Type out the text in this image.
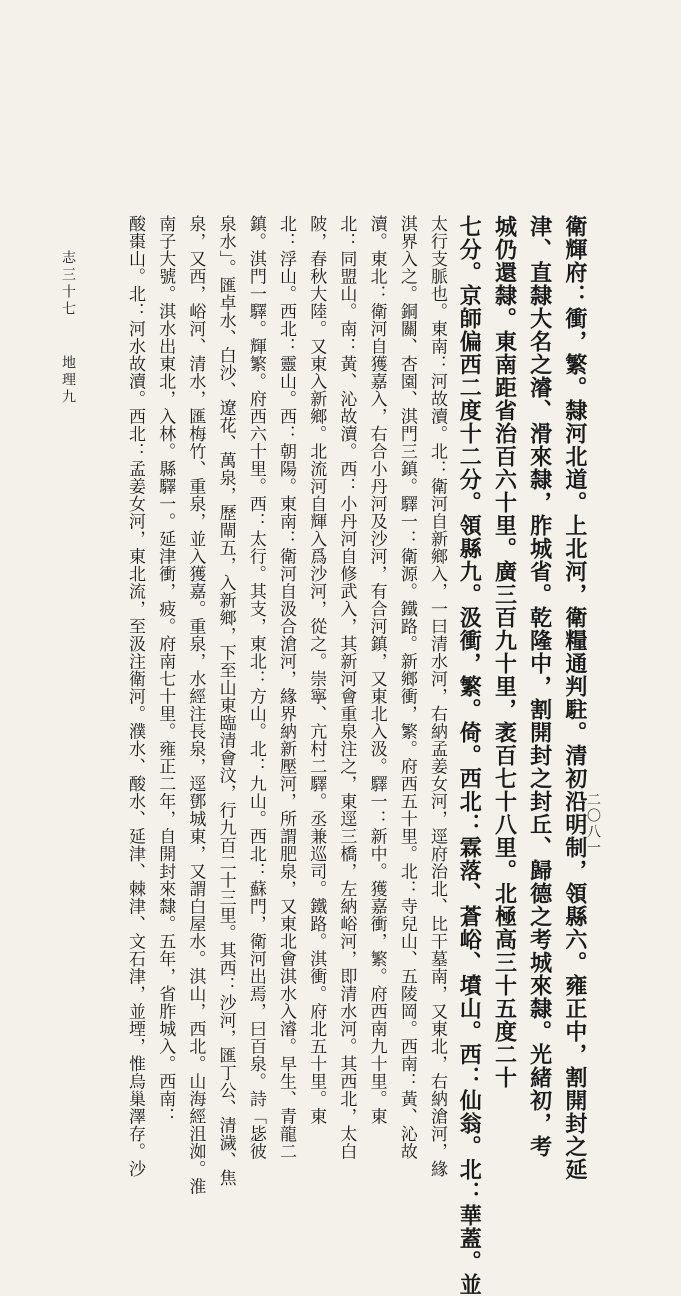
衛輝府：衝，繁。隸河北道。上北河，衛糧通判駐。清初沿明制，領縣六。雍正中，割開封之延
津、直隸大名之濬、滑來隸，胙城省。乾隆中，割開封之封丘、歸德之考城來隸。光緒初，考
城仍還隸。東南距省治百六十里。廣三百九十里，袤百七十八里。北極高三十五度二十
七分。京師偏西二度十二分。領縣九。汲衝，繁。倚。西北：霖落、蒼峪、墳山。西：仙翁。北：華蓋。並
太行支脈也。東南：河故瀆。北：衛河自新鄉入，一曰清水河，右納孟姜女河，逕府治北、比干墓南，又東北，右納滄河，緣
淇界入之。銅關、杏園、淇門三鎮。驛一：衛源。鐵路。新鄉衝，繁。府西五十里。北：寺兒山、五陵岡。西南：黃、沁故
瀆。東北：衛河自獲嘉入，右合小丹河及沙河，有合河鎮，又東北入汲。驛一：新中。獲嘉衝，繁。府西南九十里。東
北：同盟山。南：黃、沁故瀆。西：小丹河自修武入，其新河會重泉注之，東逕三橋，左納峪河，即清水河。其西北，太白
陂，春秋大陸。又東入新鄉。北流河自輝入爲沙河，從之。崇寧、亢村二驛。丞兼巡司。鐵路。淇衝。府北五十里。東
北：浮山。西北：靈山。西：朝陽。東南：衛河自汲合滄河，緣界納新壓河，所謂肥泉，又東北會淇水入濬。早生、青龍二
鎮。淇門一驛。輝繁。府西六十里。西：太行。其支，東北：方山。北：九山。西北：蘇門，衛河出焉，曰百泉。詩「毖彼
泉水」。匯卓水、白沙、遼花、萬泉，歷閘五，入新鄉，下至山東臨清會汶，行九百二十三里。其西：沙河，匯丁公、清濊、焦
泉，又西，峪河、清水，匯梅竹、重泉，並入獲嘉。重泉，水經注長泉，逕鄧城東，又謂白屋水。淇山，西北。山海經沮洳。淮
南子大號。淇水出東北，入林。縣驛一。延津衝，疲。府南七十里。雍正二年，自開封來隸。五年，省胙城入。西南：
酸棗山。北：河水故瀆。西北：孟姜女河，東北流，至汲注衛河。濮水、酸水、延津、棘津、文石津，並堙，惟烏巢澤存。沙
志三十七 地理九
二〇八一
